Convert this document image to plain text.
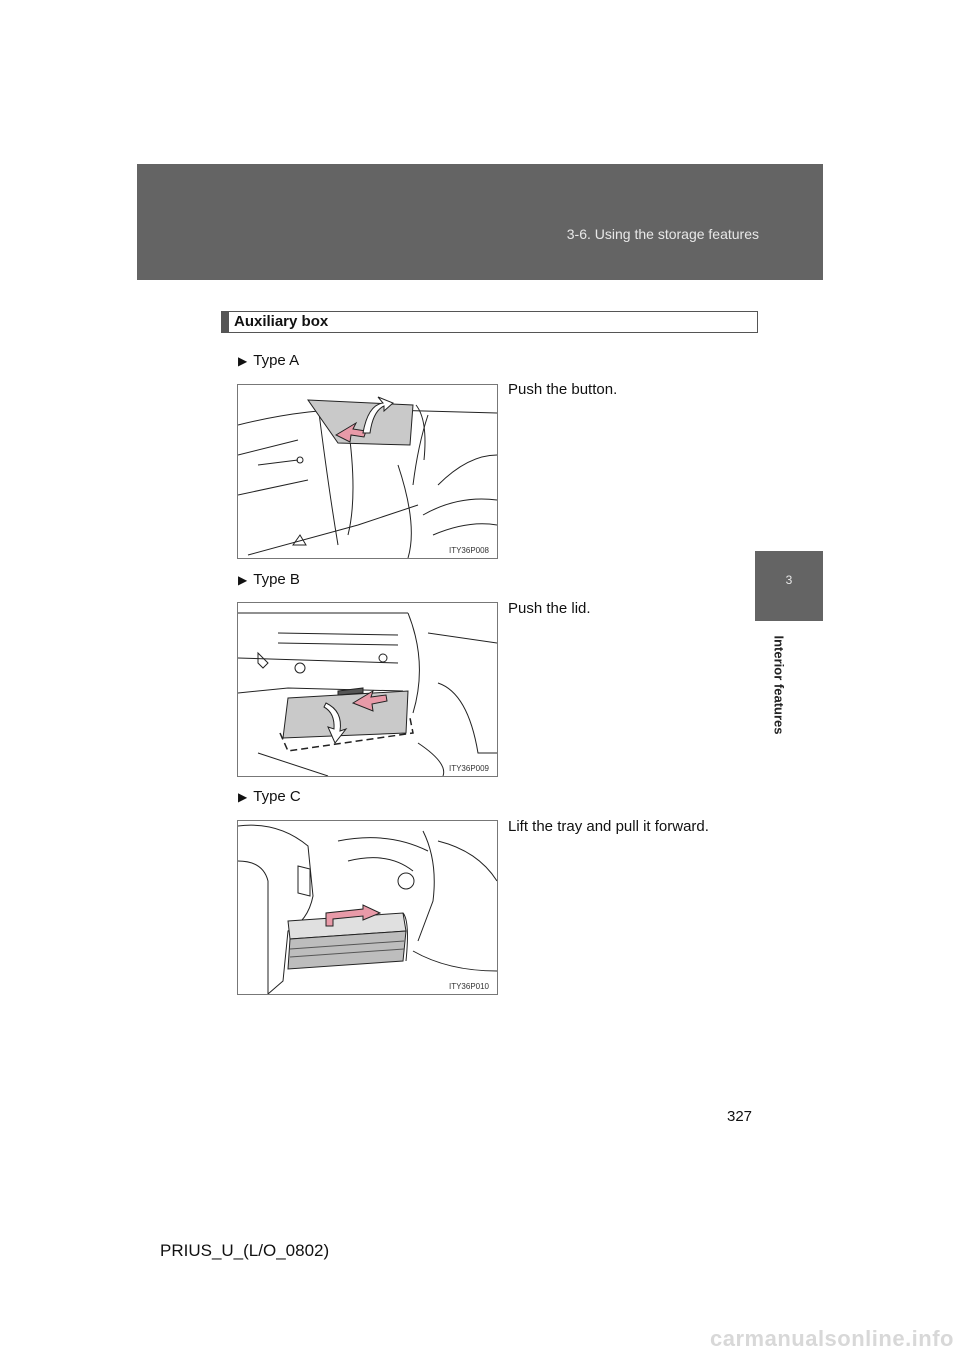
3-6. Using the storage features
3
Interior features
Auxiliary box
▶ Type A
ITY36P008
Push the button.
▶ Type B
ITY36P009
Push the lid.
▶ Type C
ITY36P010
Lift the tray and pull it forward.
327
PRIUS_U_(L/O_0802)
carmanualsonline.info
